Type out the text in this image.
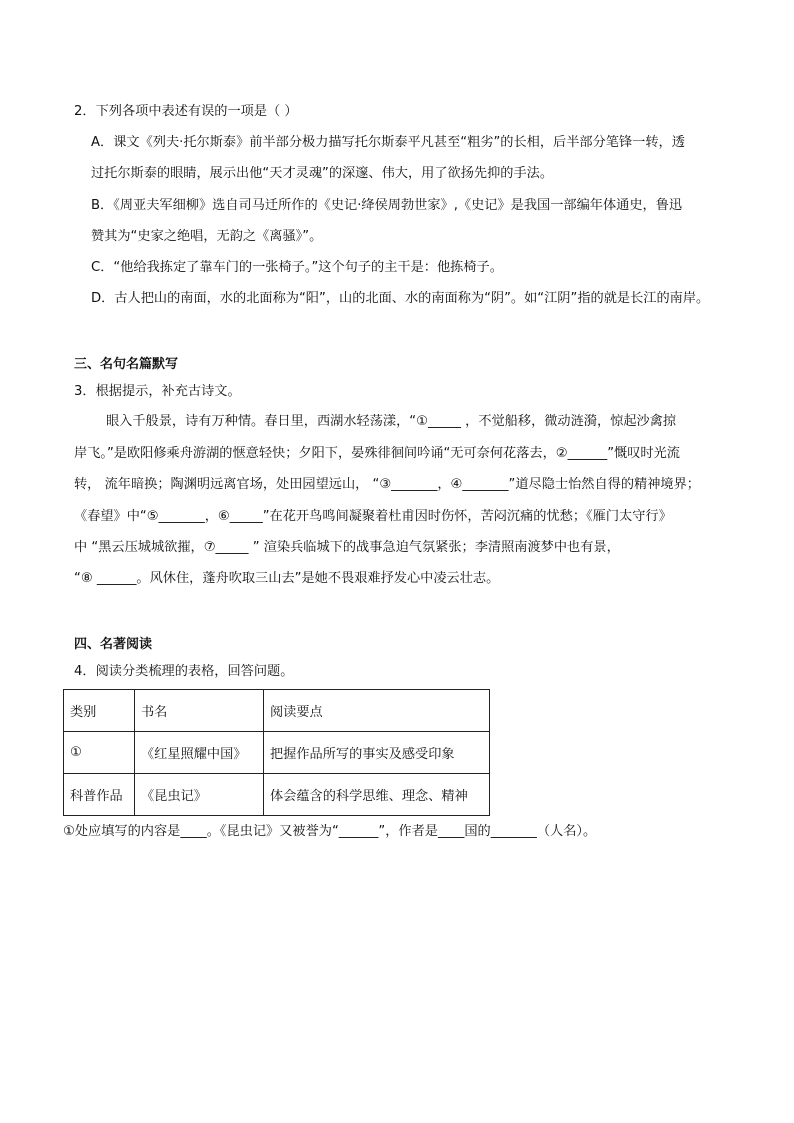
2．下列各项中表述有误的一项是（ ）
A．课文《列夫·托尔斯泰》前半部分极力描写托尔斯泰平凡甚至“粗劣”的长相，后半部分笔锋一转，透
过托尔斯泰的眼睛，展示出他“天才灵魂”的深邃、伟大，用了欲扬先抑的手法。
B．《周亚夫军细柳》选自司马迁所作的《史记·绛侯周勃世家》,《史记》是我国一部编年体通史，鲁迅
赞其为“史家之绝唱，无韵之《离骚》”。
C．“他给我拣定了靠车门的一张椅子。”这个句子的主干是：他拣椅子。
D．古人把山的南面，水的北面称为“阳”，山的北面、水的南面称为“阴”。如“江阴”指的就是长江的南岸。
三、名句名篇默写
3．根据提示，补充古诗文。
眼入千般景，诗有万种情。春日里，西湖水轻荡漾，“①_____ ，不觉船移，微动涟漪，惊起沙禽掠
岸飞。”是欧阳修乘舟游湖的惬意轻快；夕阳下，晏殊徘徊间吟诵“无可奈何花落去，②______”慨叹时光流
转， 流年暗换；陶渊明远离官场，处田园望远山， “③_______，④_______”道尽隐士怡然自得的精神境界；
《春望》中“⑤_______，⑥_____”在花开鸟鸣间凝聚着杜甫因时伤怀，苦闷沉痛的忧愁；《雁门太守行》
中 “黑云压城城欲摧，⑦_____ ” 渲染兵临城下的战事急迫气氛紧张；李清照南渡梦中也有景，
“⑧ ______。风休住，蓬舟吹取三山去”是她不畏艰难抒发心中凌云壮志。
四、名著阅读
4．阅读分类梳理的表格，回答问题。
类别	书名	阅读要点
①	《红星照耀中国》	把握作品所写的事实及感受印象
科普作品	《昆虫记》	体会蕴含的科学思维、理念、精神
①处应填写的内容是____。《昆虫记》又被誉为“______”，作者是____国的_______（人名）。
